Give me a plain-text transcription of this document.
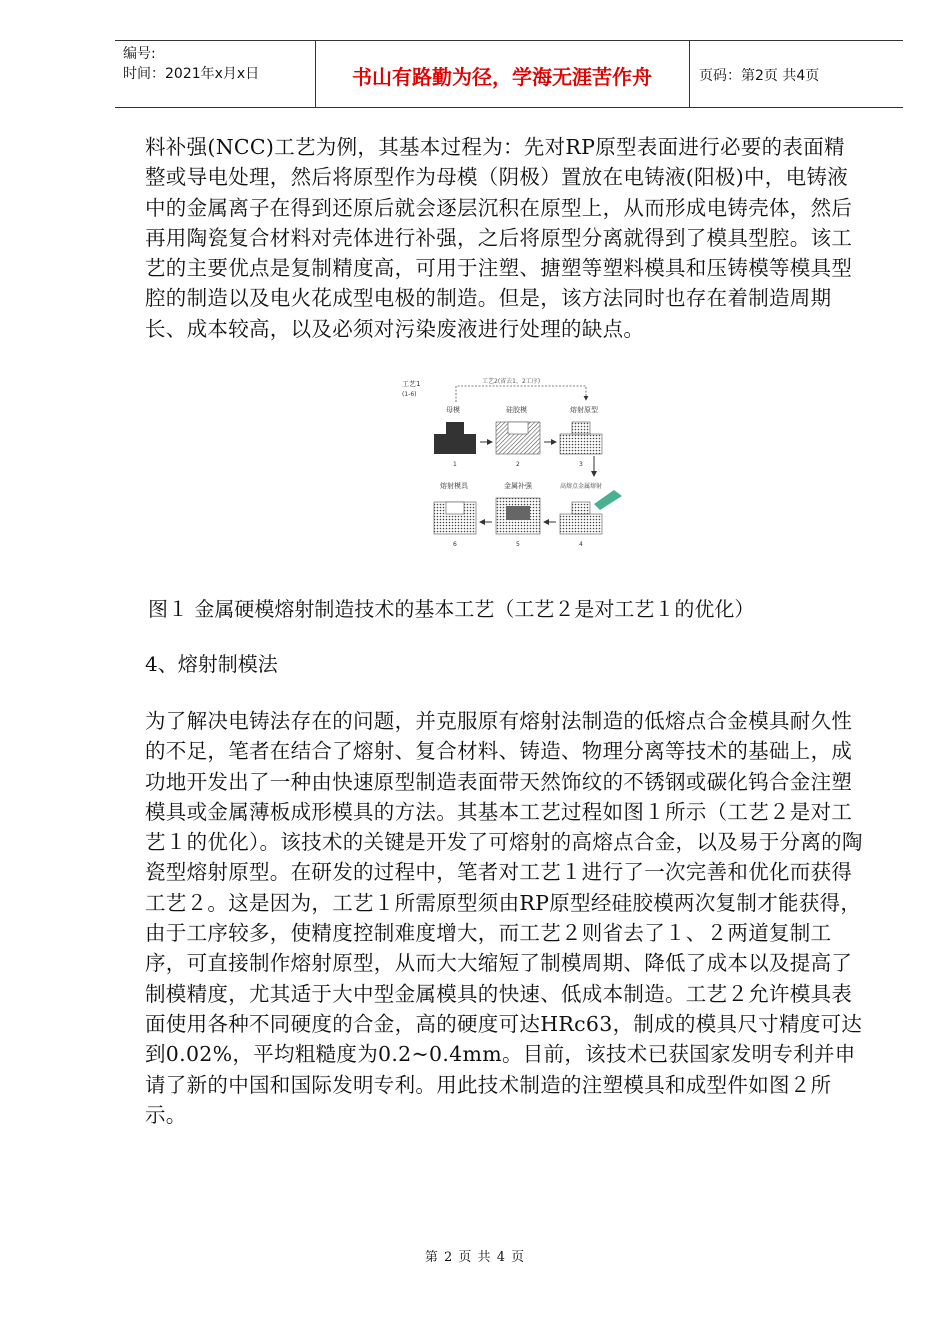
编号:
时间：2021年x月x日	书山有路勤为径，学海无涯苦作舟	页码：第2页 共4页

料补强(NCC)工艺为例，其基本过程为：先对RP原型表面进行必要的表面精整或导电处理，然后将原型作为母模（阴极）置放在电铸液(阳极)中，电铸液中的金属离子在得到还原后就会逐层沉积在原型上，从而形成电铸壳体，然后再用陶瓷复合材料对壳体进行补强，之后将原型分离就得到了模具型腔。该工艺的主要优点是复制精度高，可用于注塑、搪塑等塑料模具和压铸模等模具型腔的制造以及电火花成型电极的制造。但是，该方法同时也存在着制造周期长、成本较高，以及必须对污染废液进行处理的缺点。

工艺1
(1-6)
工艺2(省去1、2工序)
母模	硅胶模	熔射原型
1	2	3
熔射模具	金属补强	高熔点金属熔射
6	5	4

图１ 金属硬模熔射制造技术的基本工艺（工艺２是对工艺１的优化）

4、熔射制模法

为了解决电铸法存在的问题，并克服原有熔射法制造的低熔点合金模具耐久性的不足，笔者在结合了熔射、复合材料、铸造、物理分离等技术的基础上，成功地开发出了一种由快速原型制造表面带天然饰纹的不锈钢或碳化钨合金注塑模具或金属薄板成形模具的方法。其基本工艺过程如图１所示（工艺２是对工艺１的优化）。该技术的关键是开发了可熔射的高熔点合金，以及易于分离的陶瓷型熔射原型。在研发的过程中，笔者对工艺１进行了一次完善和优化而获得工艺２。这是因为，工艺１所需原型须由RP原型经硅胶模两次复制才能获得，由于工序较多，使精度控制难度增大，而工艺２则省去了１、２两道复制工序，可直接制作熔射原型，从而大大缩短了制模周期、降低了成本以及提高了制模精度，尤其适于大中型金属模具的快速、低成本制造。工艺２允许模具表面使用各种不同硬度的合金，高的硬度可达HRc63，制成的模具尺寸精度可达到0.02%，平均粗糙度为0.2~0.4mm。目前，该技术已获国家发明专利并申请了新的中国和国际发明专利。用此技术制造的注塑模具和成型件如图２所示。

第 2 页 共 4 页
